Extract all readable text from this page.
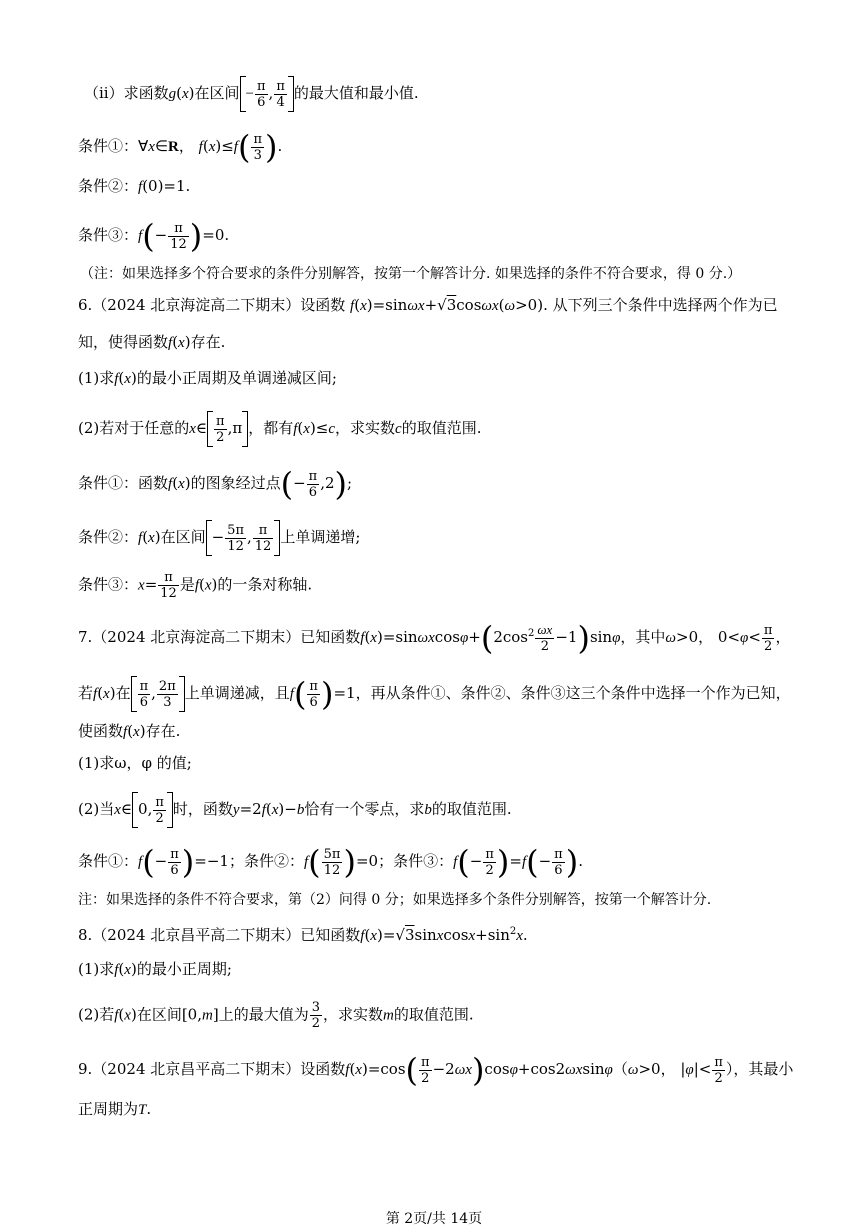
（ii）求函数g(x)在区间 − $\frac{\pi}{6}$ , $\frac{\pi}{4}$ 的最大值和最小值.
条件①：∀x∈R， $f(x)\le f( \frac{\pi}{3}$ ).
条件②：f(0)=1.
条件③：$f(- \frac{\pi}{12} )=0$.
（注：如果选择多个符合要求的条件分别解答，按第一个解答计分. 如果选择的条件不符合要求，得 0 分.）
6.（2024 北京海淀高二下期末）设函数 f(x)=sinωx+√3cosωx(ω>0). 从下列三个条件中选择两个作为已
知，使得函数f(x)存在.
(1)求f(x)的最小正周期及单调递减区间;
(2)若对于任意的x∈ $\frac{\pi}{2} ,\pi$ ，都有f(x)≤c，求实数c的取值范围.
条件①：函数f(x)的图象经过点(− $\frac{\pi}{6} ,2$);
条件②：f(x)在区间 − $\frac{5\pi}{12}$ , $\frac{\pi}{12}$ 上单调递增;
条件③：$x= \frac{\pi}{12}$ 是f(x)的一条对称轴.
7.（2024 北京海淀高二下期末）已知函数$f(x)=\sin\omega xcos\varphi+(2\cos^2 \frac{\omega x}{2} -1)\sin\varphi$，其中ω>0， $0<\varphi< \frac{\pi}{2}$ ，
若f(x)在 $\frac{\pi}{6}$ , $\frac{2\pi}{3}$ 上单调递减，且$f( \frac{\pi}{6} )=1$，再从条件①、条件②、条件③这三个条件中选择一个作为已知，
使函数f(x)存在.
(1)求ω，φ 的值;
(2)当x∈ 0, $\frac{\pi}{2}$ 时，函数y=2f(x)−b恰有一个零点，求b的取值范围.
条件①：$f(- \frac{\pi}{6} )=-1$；条件②：$f( \frac{5\pi}{12} )=0$；条件③：$f(- \frac{\pi}{2} )=f(- \frac{\pi}{6}$ ).
注：如果选择的条件不符合要求，第（2）问得 0 分；如果选择多个条件分别解答，按第一个解答计分.
8.（2024 北京昌平高二下期末）已知函数$f(x)=√3sinxcosx+\sin^2x$.
(1)求f(x)的最小正周期;
(2)若f(x)在区间[0,m]上的最大值为 $\frac{3}{2}$ ，求实数m的取值范围.
9.（2024 北京昌平高二下期末）设函数$f(x)=\cos( \frac{\pi}{2} -2\omega x)\cos\varphi+\cos 2\omega xsin\varphi(\omega>0$， $|\varphi|< \frac{\pi}{2}$ ），其最小
正周期为T.
第 2页/共 14页
